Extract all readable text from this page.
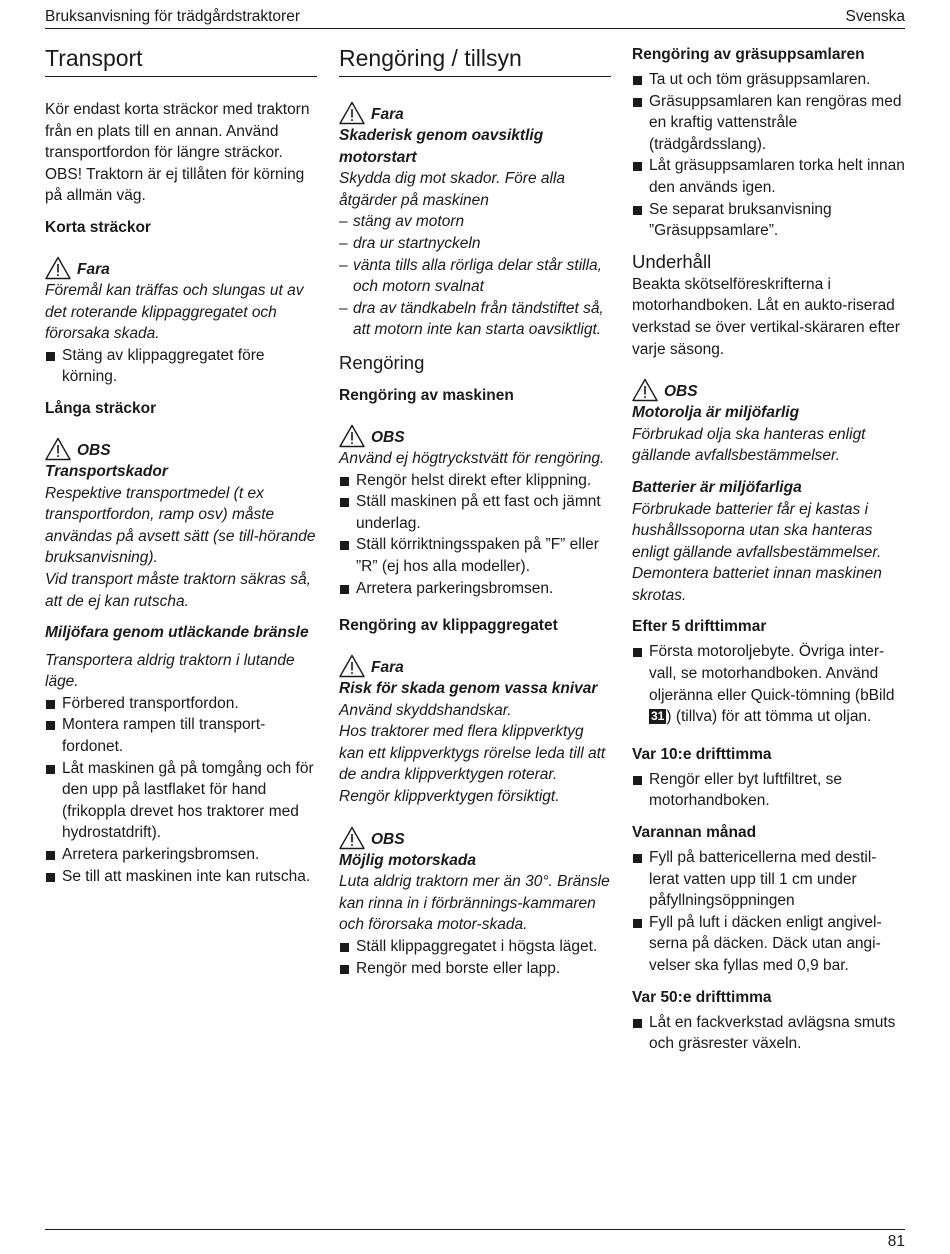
Bruksanvisning för trädgårdstraktorer	Svenska
Transport

Kör endast korta sträckor med traktorn från en plats till en annan. Använd transportfordon för längre sträckor.

OBS! Traktorn är ej tillåten för körning på allmän väg.

Korta sträckor
Fara

Föremål kan träffas och slungas ut av det roterande klippaggregatet och förorsaka skada.

Stäng av klippaggregatet före körning.
Långa sträckor
OBS

Transportskador

Respektive transportmedel (t ex transportfordon, ramp osv) måste användas på avsett sätt (se till-hörande bruksanvisning).

Vid transport måste traktorn säkras så, att de ej kan rutscha.

Miljöfara genom utläckande bränsle

Transportera aldrig traktorn i lutande läge.

Förbered transportfordon.
Montera rampen till transport-fordonet.
Låt maskinen gå på tomgång och för den upp på lastflaket för hand (frikoppla drevet hos traktorer med hydrostatdrift).
Arretera parkeringsbromsen.
Se till att maskinen inte kan rutscha.
Rengöring / tillsyn
Fara

Skaderisk genom oavsiktlig motorstart

Skydda dig mot skador. Före alla åtgärder på maskinen

– stäng av motorn
– dra ur startnyckeln
– vänta tills alla rörliga delar står stilla, och motorn svalnat
– dra av tändkabeln från tändstiftet så, att motorn inte kan starta oavsiktligt.
Rengöring
Rengöring av maskinen
OBS

Använd ej högtryckstvätt för rengöring.

Rengör helst direkt efter klippning.
Ställ maskinen på ett fast och jämnt underlag.
Ställ körriktningsspaken på ”F” eller ”R” (ej hos alla modeller).
Arretera parkeringsbromsen.
Rengöring av klippaggregatet
Fara

Risk för skada genom vassa knivar

Använd skyddshandskar.

Hos traktorer med flera klippverktyg kan ett klippverktygs rörelse leda till att de andra klippverktygen roterar. Rengör klippverktygen försiktigt.

OBS

Möjlig motorskada

Luta aldrig traktorn mer än 30°. Bränsle kan rinna in i förbrännings-kammaren och förorsaka motor-skada.

Ställ klippaggregatet i högsta läget.
Rengör med borste eller lapp.
Rengöring av gräsuppsamlaren
Ta ut och töm gräsuppsamlaren.
Gräsuppsamlaren kan rengöras med en kraftig vattenstråle (trädgårdsslang).
Låt gräsuppsamlaren torka helt innan den används igen.
Se separat bruksanvisning ”Gräsuppsamlare”.
Underhåll

Beakta skötselföreskrifterna i motorhandboken. Låt en aukto-riserad verkstad se över vertikal-skäraren efter varje säsong.

OBS

Motorolja är miljöfarlig

Förbrukad olja ska hanteras enligt gällande avfallsbestämmelser.

Batterier är miljöfarliga

Förbrukade batterier får ej kastas i hushållssoporna utan ska hanteras enligt gällande avfallsbestämmelser.

Demontera batteriet innan maskinen skrotas.

Efter 5 drifttimmar
Första motoroljebyte. Övriga inter-vall, se motorhandboken. Använd oljeränna eller Quick-tömning (bBild 31 ) (tillva) för att tömma ut oljan.
Var 10:e drifttimma
Rengör eller byt luftfiltret, se motorhandboken.
Varannan månad
Fyll på battericellerna med destil-lerat vatten upp till 1 cm under påfyllningsöppningen
Fyll på luft i däcken enligt angivel-serna på däcken. Däck utan angi-velser ska fyllas med 0,9 bar.
Var 50:e drifttimma
Låt en fackverkstad avlägsna smuts och gräsrester växeln.
81
